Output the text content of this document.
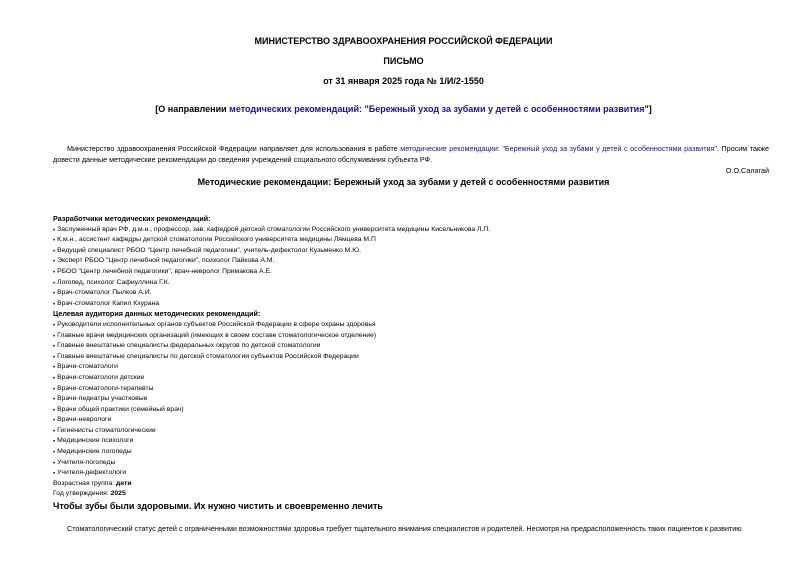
МИНИСТЕРСТВО ЗДРАВООХРАНЕНИЯ РОССИЙСКОЙ ФЕДЕРАЦИИ
ПИСЬМО
от 31 января 2025 года № 1/И/2-1550
[О направлении методических рекомендаций: "Бережный уход за зубами у детей с особенностями развития"]
Министерство здравоохранения Российской Федерации направляет для использования в работе методические рекомендации: "Бережный уход за зубами у детей с особенностями развития". Просим также довести данные методические рекомендации до сведения учреждений социального обслуживания субъекта РФ.
О.О.Салагай
Методические рекомендации: Бережный уход за зубами у детей с особенностями развития
Разработчики методических рекомендаций:
• Заслуженный врач РФ, д.м.н., профессор, зав. кафедрой детской стоматологии Российского университета медицины Кисельникова Л.П.
• К.м.н., ассистент кафедры детской стоматологии Российского университета медицины Лямцева М.П
• Ведущий специалист РБОО "Центр лечебной педагогики", учитель-дефектолог Кузьменко М.Ю.
• Эксперт РБОО "Центр лечебной педагогики", психолог Пайкова А.М.
• РБОО "Центр лечебной педагогики", врач-невролог Примакова А.Е.
• Логопед, психолог Сафиуллина Г.К.
• Врач-стоматолог Пылков А.И.
• Врач-стоматолог Капил Кхурана
Целевая аудитория данных методических рекомендаций:
• Руководители исполнительных органов субъектов Российской Федерации в сфере охраны здоровья
• Главные врачи медицинских организаций (имеющих в своем составе стоматологическое отделение)
• Главные внештатные специалисты федеральных округов по детской стоматологии
• Главные внештатные специалисты по детской стоматологии субъектов Российской Федерации
• Врачи-стоматологи
• Врачи-стоматологи детские
• Врачи-стоматологи-терапевты
• Врачи-педиатры участковые
• Врачи общей практики (семейный врач)
• Врачи-неврологи
• Гигиенисты стоматологические
• Медицинские психологи
• Медицинские логопеды
• Учителя-логопеды
• Учителя-дефектологи
Возрастная группа: дети
Год утверждения: 2025
Чтобы зубы были здоровыми. Их нужно чистить и своевременно лечить
Стоматологический статус детей с ограниченными возможностями здоровья требует тщательного внимания специалистов и родителей. Несмотря на предрасположенность таких пациентов к развитию
